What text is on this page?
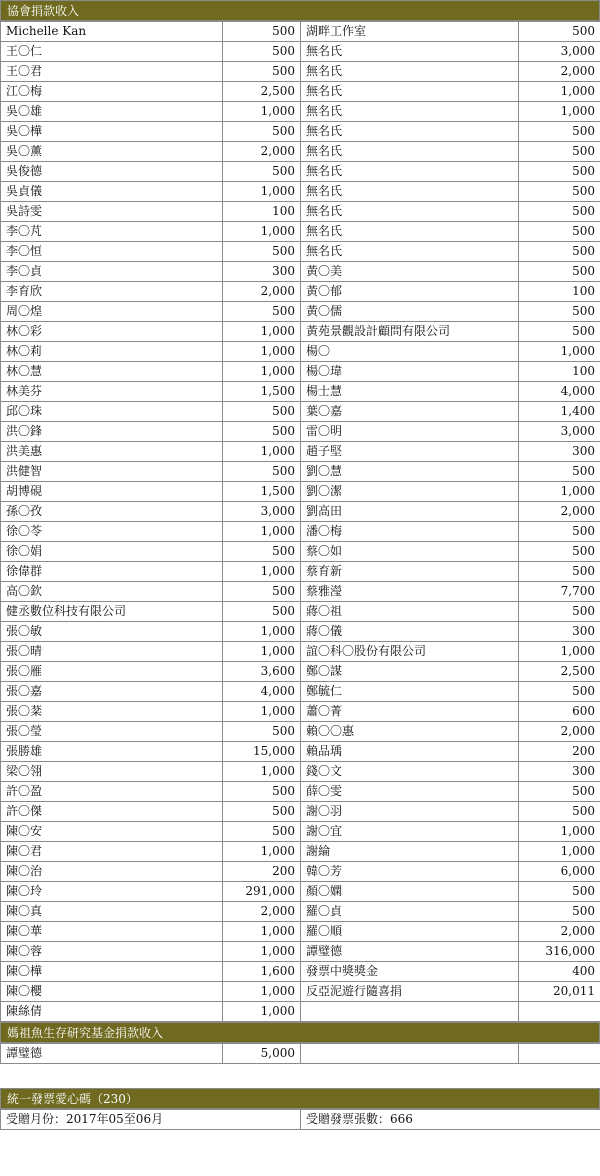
協會捐款收入
Michelle Kan	500	湖畔工作室	500
王〇仁	500	無名氏	3,000
王〇君	500	無名氏	2,000
江〇梅	2,500	無名氏	1,000
吳〇雄	1,000	無名氏	1,000
吳〇樺	500	無名氏	500
吳〇薰	2,000	無名氏	500
吳俊德	500	無名氏	500
吳貞儀	1,000	無名氏	500
吳詩雯	100	無名氏	500
李〇芃	1,000	無名氏	500
李〇恒	500	無名氏	500
李〇貞	300	黃〇美	500
李育欣	2,000	黃〇郁	100
周〇煌	500	黃〇儒	500
林〇彩	1,000	黃苑景觀設計顧問有限公司	500
林〇莉	1,000	楊〇	1,000
林〇慧	1,000	楊〇瑋	100
林美芬	1,500	楊士慧	4,000
邱〇珠	500	葉〇嘉	1,400
洪〇鋒	500	雷〇明	3,000
洪美惠	1,000	趙子堅	300
洪健智	500	劉〇慧	500
胡博硯	1,500	劉〇潔	1,000
孫〇孜	3,000	劉高田	2,000
徐〇苓	1,000	潘〇梅	500
徐〇娟	500	蔡〇如	500
徐偉群	1,000	蔡育新	500
高〇欽	500	蔡雅瀅	7,700
健丞數位科技有限公司	500	蔣〇祖	500
張〇敏	1,000	蔣〇儀	300
張〇晴	1,000	誼〇科〇股份有限公司	1,000
張〇雁	3,600	鄭〇謀	2,500
張〇嘉	4,000	鄭毓仁	500
張〇棻	1,000	蕭〇菁	600
張〇瑩	500	賴〇〇惠	2,000
張勝雄	15,000	賴品瑀	200
梁〇翎	1,000	錢〇文	300
許〇盈	500	薛〇雯	500
許〇傑	500	謝〇羽	500
陳〇安	500	謝〇宜	1,000
陳〇君	1,000	謝綸	1,000
陳〇治	200	韓〇芳	6,000
陳〇玲	291,000	顏〇嫻	500
陳〇真	2,000	羅〇貞	500
陳〇華	1,000	羅〇順	2,000
陳〇蓉	1,000	譚璧德	316,000
陳〇樺	1,600	發票中獎獎金	400
陳〇櫻	1,000	反亞泥遊行隨喜捐	20,011
陳絲倩	1,000		
媽祖魚生存研究基金捐款收入
譚璧德	5,000		
統一發票愛心碼（230）
受贈月份：2017年05至06月	受贈發票張數：666
